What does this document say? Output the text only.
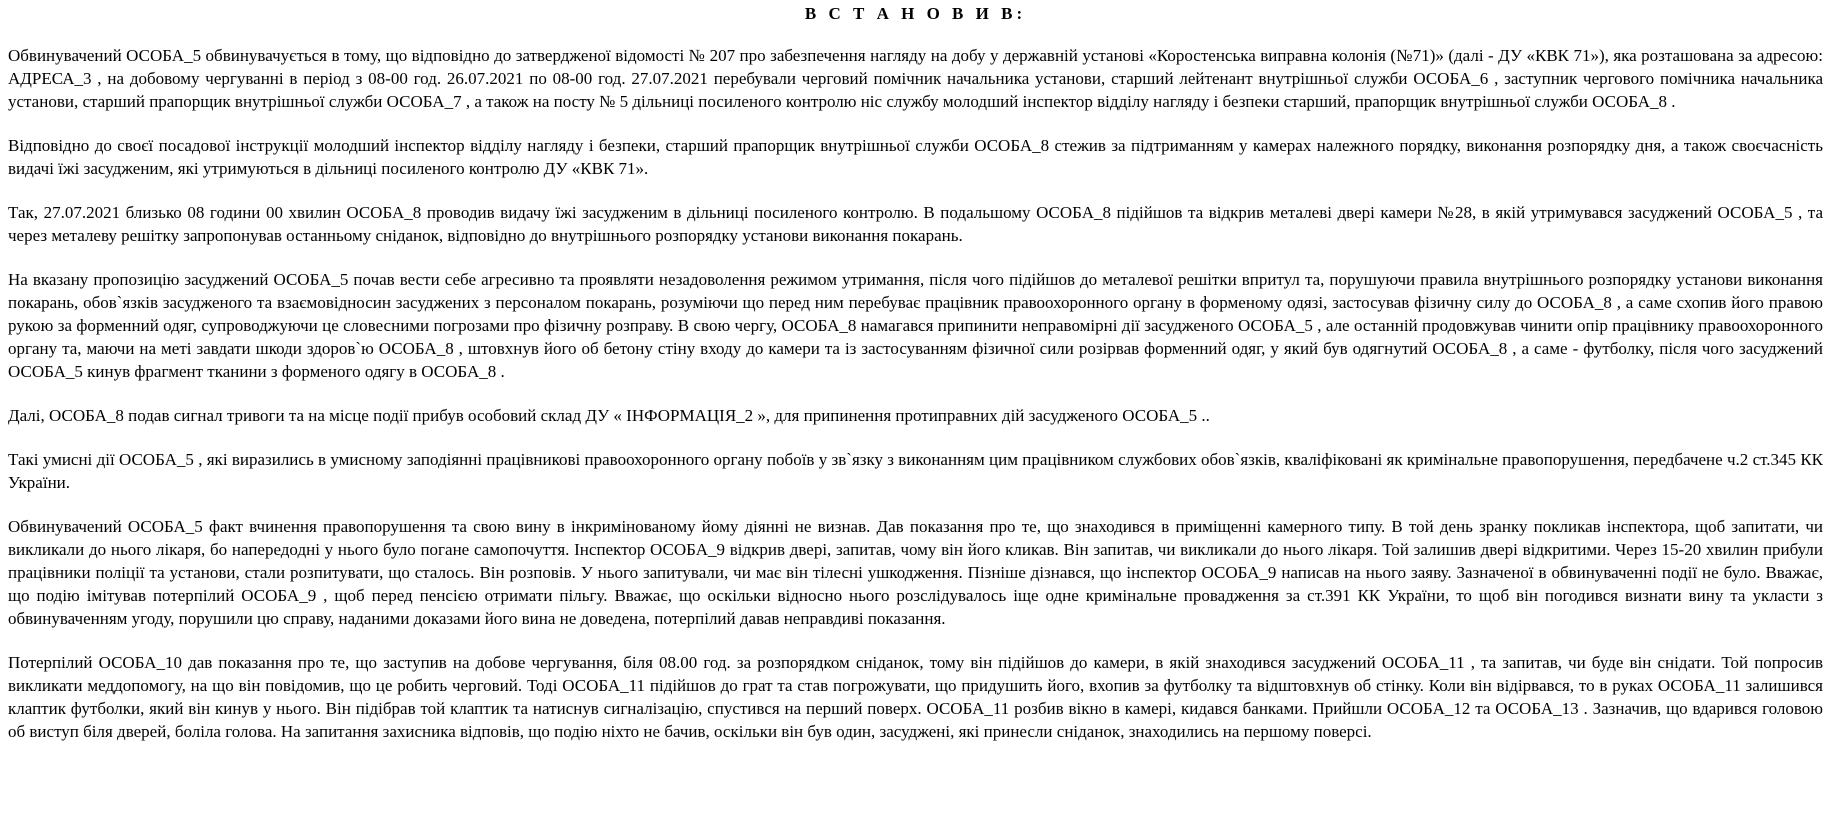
В С Т А Н О В И В:

Обвинувачений ОСОБА_5 обвинувачується в тому, що відповідно до затвердженої відомості № 207 про забезпечення нагляду на добу у державній установі «Коростенська виправна колонія (№71)» (далі - ДУ «КВК 71»), яка розташована за адресою: АДРЕСА_3 , на добовому чергуванні в період з 08-00 год. 26.07.2021 по 08-00 год. 27.07.2021 перебували черговий помічник начальника установи, старший лейтенант внутрішньої служби ОСОБА_6 , заступник чергового помічника начальника установи, старший прапорщик внутрішньої служби ОСОБА_7 , а також на посту № 5 дільниці посиленого контролю ніс службу молодший інспектор відділу нагляду і безпеки старший, прапорщик внутрішньої служби ОСОБА_8 .

Відповідно до своєї посадової інструкції молодший інспектор відділу нагляду і безпеки, старший прапорщик внутрішньої служби ОСОБА_8 стежив за підтриманням у камерах належного порядку, виконання розпорядку дня, а також своєчасність видачі їжі засудженим, які утримуються в дільниці посиленого контролю ДУ «КВК 71».

Так, 27.07.2021 близько 08 години 00 хвилин ОСОБА_8 проводив видачу їжі засудженим в дільниці посиленого контролю. В подальшому ОСОБА_8 підійшов та відкрив металеві двері камери №28, в якій утримувався засуджений ОСОБА_5 , та через металеву решітку запропонував останньому сніданок, відповідно до внутрішнього розпорядку установи виконання покарань.

На вказану пропозицію засуджений ОСОБА_5 почав вести себе агресивно та проявляти незадоволення режимом утримання, після чого підійшов до металевої решітки впритул та, порушуючи правила внутрішнього розпорядку установи виконання покарань, обов`язків засудженого та взаємовідносин засуджених з персоналом покарань, розуміючи що перед ним перебуває працівник правоохоронного органу в форменому одязі, застосував фізичну силу до ОСОБА_8 , а саме схопив його правою рукою за форменний одяг, супроводжуючи це словесними погрозами про фізичну розправу. В свою чергу, ОСОБА_8 намагався припинити неправомірні дії засудженого ОСОБА_5 , але останній продовжував чинити опір працівнику правоохоронного органу та, маючи на меті завдати шкоди здоров`ю ОСОБА_8 , штовхнув його об бетону стіну входу до камери та із застосуванням фізичної сили розірвав форменний одяг, у який був одягнутий ОСОБА_8 , а саме - футболку, після чого засуджений ОСОБА_5 кинув фрагмент тканини з форменого одягу в ОСОБА_8 .

Далі, ОСОБА_8 подав сигнал тривоги та на місце події прибув особовий склад ДУ « ІНФОРМАЦІЯ_2 », для припинення протиправних дій засудженого ОСОБА_5 ..

Такі умисні дії ОСОБА_5 , які виразились в умисному заподіянні працівникові правоохоронного органу побоїв у зв`язку з виконанням цим працівником службових обов`язків, кваліфіковані як кримінальне правопорушення, передбачене ч.2 ст.345 КК України.

Обвинувачений ОСОБА_5 факт вчинення правопорушення та свою вину в інкримінованому йому діянні не визнав. Дав показання про те, що знаходився в приміщенні камерного типу. В той день зранку покликав інспектора, щоб запитати, чи викликали до нього лікаря, бо напередодні у нього було погане самопочуття. Інспектор ОСОБА_9 відкрив двері, запитав, чому він його кликав. Він запитав, чи викликали до нього лікаря. Той залишив двері відкритими. Через 15-20 хвилин прибули працівники поліції та установи, стали розпитувати, що сталось. Він розповів. У нього запитували, чи має він тілесні ушкодження. Пізніше дізнався, що інспектор ОСОБА_9 написав на нього заяву. Зазначеної в обвинуваченні події не було. Вважає, що подію імітував потерпілий ОСОБА_9 , щоб перед пенсією отримати пільгу. Вважає, що оскільки відносно нього розслідувалось іще одне кримінальне провадження за ст.391 КК України, то щоб він погодився визнати вину та укласти з обвинуваченням угоду, порушили цю справу, наданими доказами його вина не доведена, потерпілий давав неправдиві показання.

Потерпілий ОСОБА_10 дав показання про те, що заступив на добове чергування, біля 08.00 год. за розпорядком сніданок, тому він підійшов до камери, в якій знаходився засуджений ОСОБА_11 , та запитав, чи буде він снідати. Той попросив викликати меддопомогу, на що він повідомив, що це робить черговий. Тоді ОСОБА_11 підійшов до грат та став погрожувати, що придушить його, вхопив за футболку та відштовхнув об стінку. Коли він відірвався, то в руках ОСОБА_11 залишився клаптик футболки, який він кинув у нього. Він підібрав той клаптик та натиснув сигналізацію, спустився на перший поверх. ОСОБА_11 розбив вікно в камері, кидався банками. Прийшли ОСОБА_12 та ОСОБА_13 . Зазначив, що вдарився головою об виступ біля дверей, боліла голова. На запитання захисника відповів, що подію ніхто не бачив, оскільки він був один, засуджені, які принесли сніданок, знаходились на першому поверсі.
